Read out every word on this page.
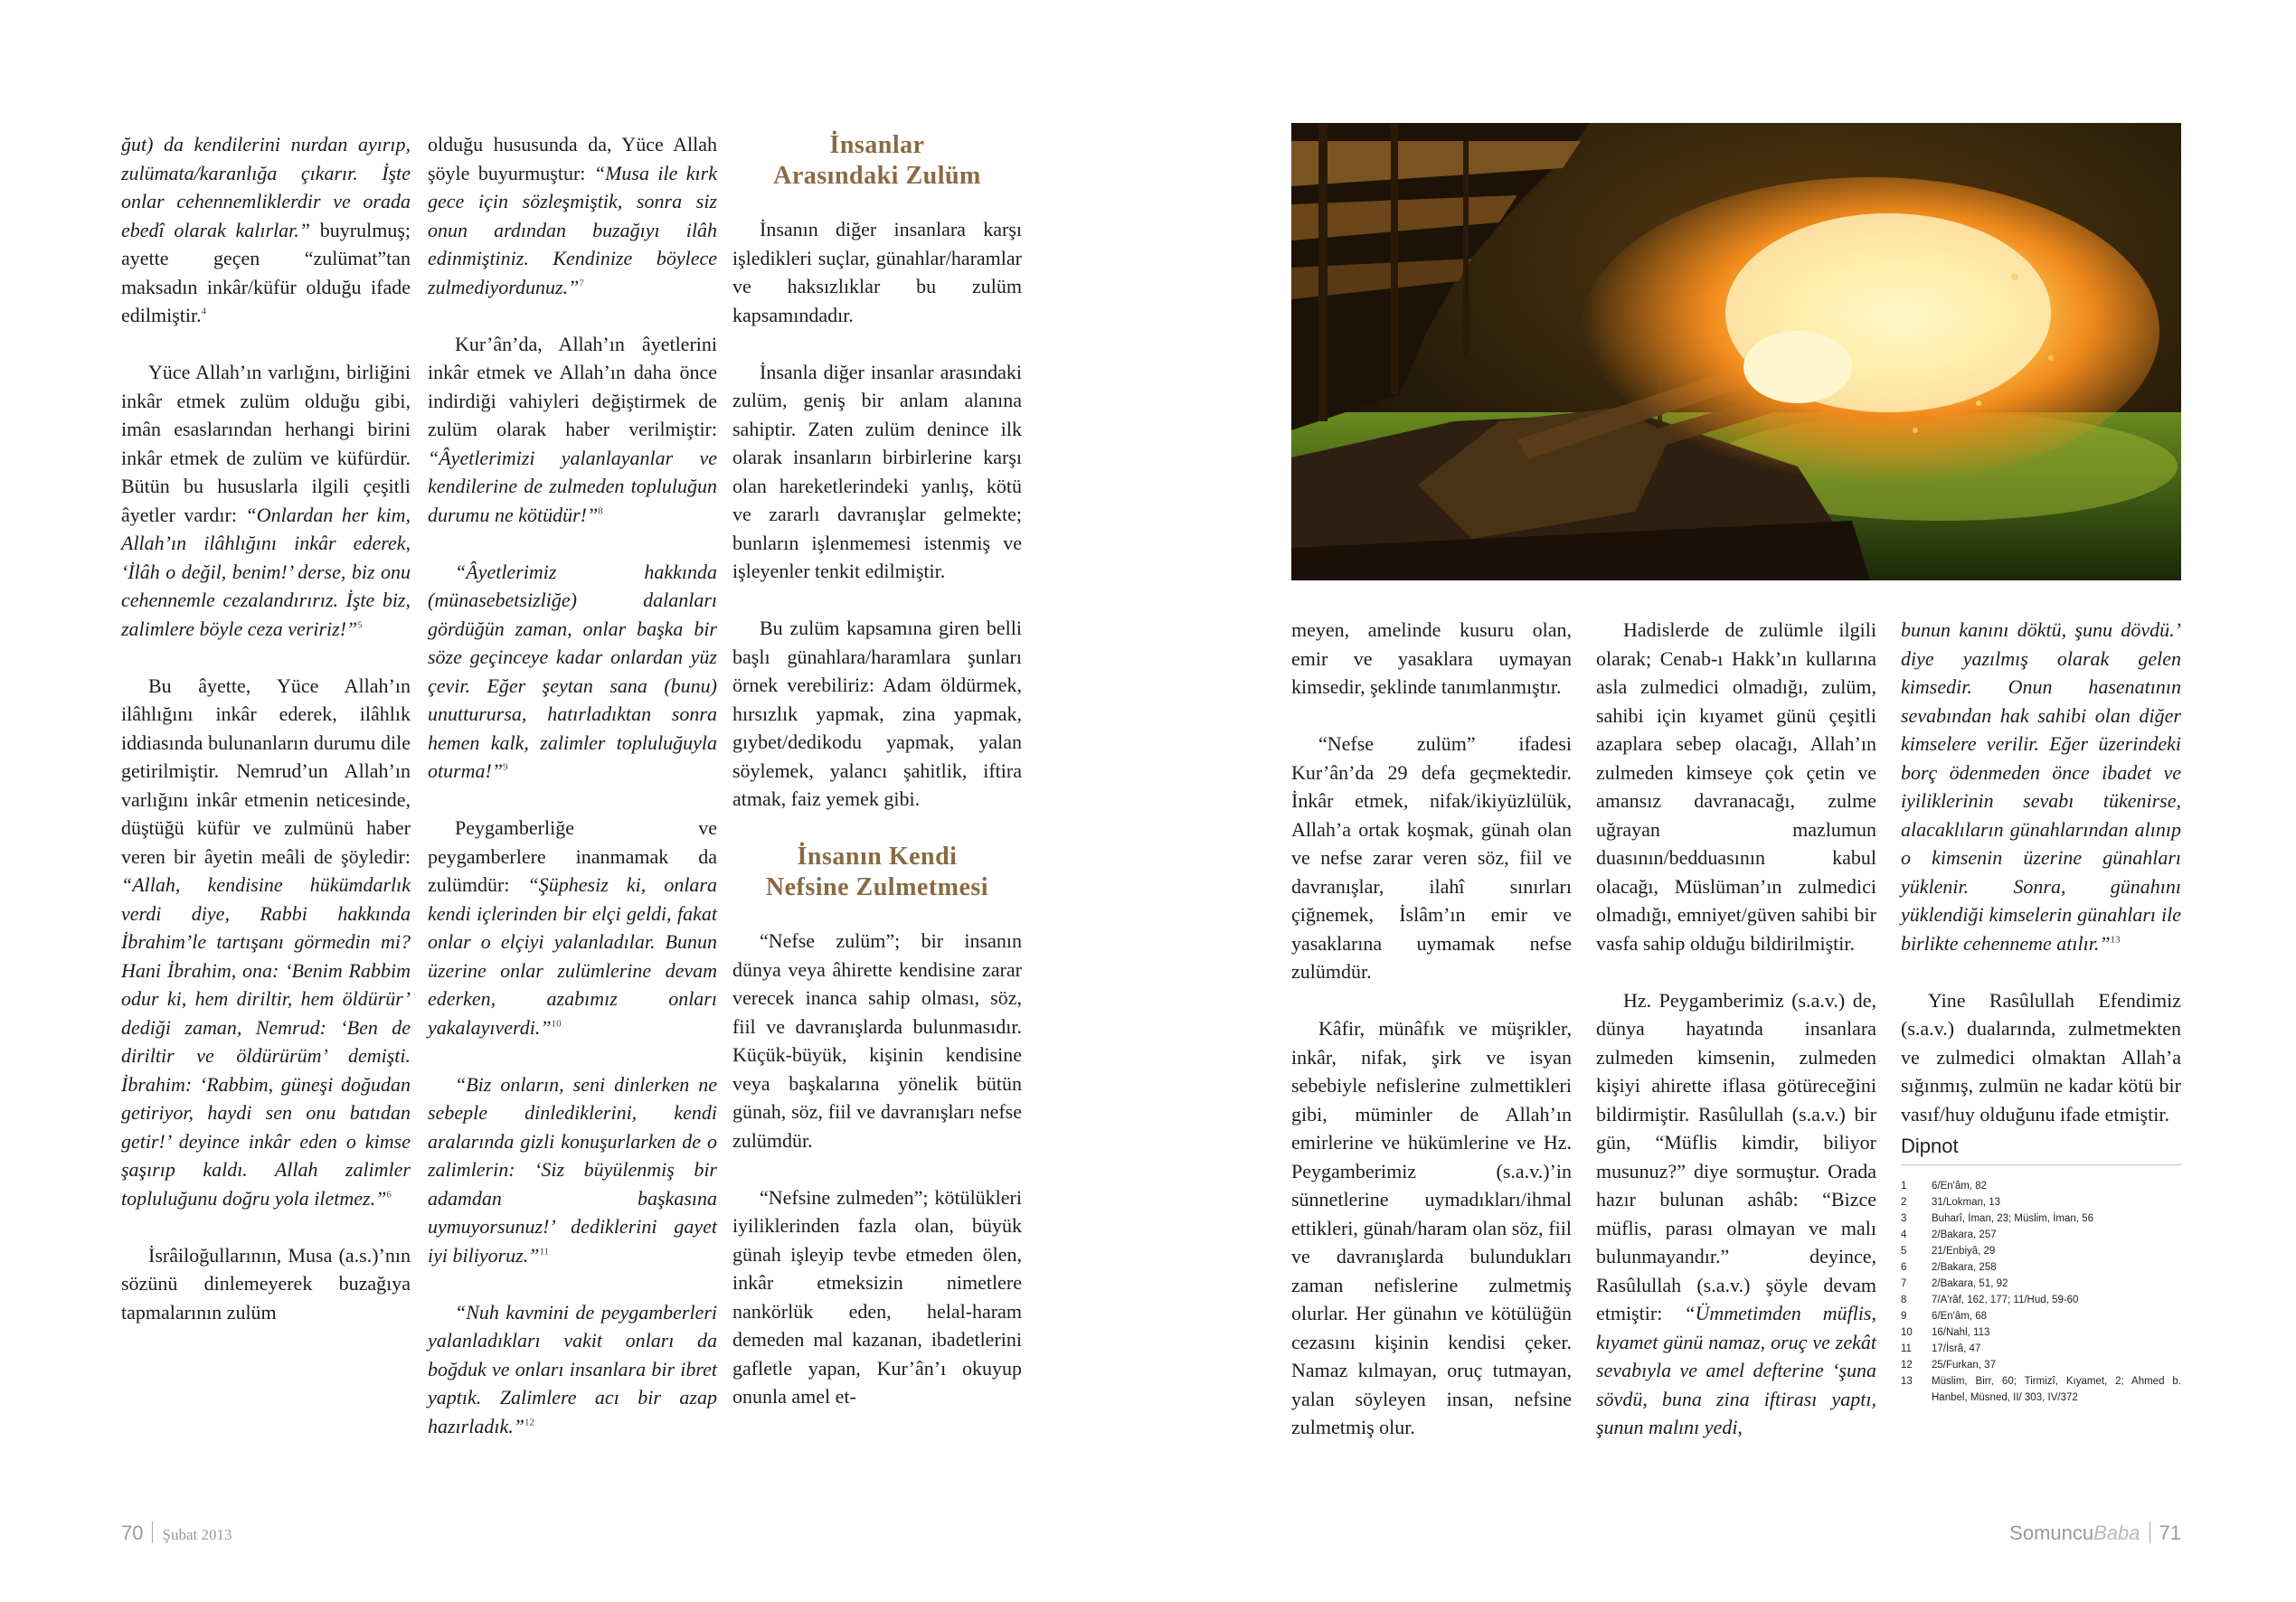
ğut) da kendilerini nurdan ayırıp, zulümata/karanlığa çıkarır. İşte onlar cehennemliklerdir ve orada ebedî olarak kalırlar.” buyrulmuş; ayette geçen “zulümat”tan maksadın inkâr/küfür olduğu ifade edilmiştir.$^4$

Yüce Allah’ın varlığını, birliğini inkâr etmek zulüm olduğu gibi, imân esaslarından herhangi birini inkâr etmek de zulüm ve küfürdür. Bütün bu hususlarla ilgili çeşitli âyetler vardır: “Onlardan her kim, Allah’ın ilâhlığını inkâr ederek, ‘İlâh o değil, benim!’ derse, biz onu cehennemle cezalandırırız. İşte biz, zalimlere böyle ceza veririz!”$^5$

Bu âyette, Yüce Allah’ın ilâhlığını inkâr ederek, ilâhlık iddiasında bulunanların durumu dile getirilmiştir. Nemrud’un Allah’ın varlığını inkâr etmenin neticesinde, düştüğü küfür ve zulmünü haber veren bir âyetin meâli de şöyledir: “Allah, kendisine hükümdarlık verdi diye, Rabbi hakkında İbrahim’le tartışanı görmedin mi? Hani İbrahim, ona: ‘Benim Rabbim odur ki, hem diriltir, hem öldürür’ dediği zaman, Nemrud: ‘Ben de diriltir ve öldürürüm’ demişti. İbrahim: ‘Rabbim, güneşi doğudan getiriyor, haydi sen onu batıdan getir!’ deyince inkâr eden o kimse şaşırıp kaldı. Allah zalimler topluluğunu doğru yola iletmez.”$^6$

İsrâiloğullarının, Musa (a.s.)’nın sözünü dinlemeyerek buzağıya tapmalarının zulüm

olduğu hususunda da, Yüce Allah şöyle buyurmuştur: “Musa ile kırk gece için sözleşmiştik, sonra siz onun ardından buzağıyı ilâh edinmiştiniz. Kendinize böylece zulmediyordunuz.”$^7$

Kur’ân’da, Allah’ın âyetlerini inkâr etmek ve Allah’ın daha önce indirdiği vahiyleri değiştirmek de zulüm olarak haber verilmiştir: “Âyetlerimizi yalanlayanlar ve kendilerine de zulmeden topluluğun durumu ne kötüdür!”$^8$

“Âyetlerimiz hakkında (münasebetsizliğe) dalanları gördüğün zaman, onlar başka bir söze geçinceye kadar onlardan yüz çevir. Eğer şeytan sana (bunu) unutturursa, hatırladıktan sonra hemen kalk, zalimler topluluğuyla oturma!”$^9$

Peygamberliğe ve peygamberlere inanmamak da zulümdür: “Şüphesiz ki, onlara kendi içlerinden bir elçi geldi, fakat onlar o elçiyi yalanladılar. Bunun üzerine onlar zulümlerine devam ederken, azabımız onları yakalayıverdi.”$^{10}$

“Biz onların, seni dinlerken ne sebeple dinlediklerini, kendi aralarında gizli konuşurlarken de o zalimlerin: ‘Siz büyülenmiş bir adamdan başkasına uymuyorsunuz!’ dediklerini gayet iyi biliyoruz.”$^{11}$

“Nuh kavmini de peygamberleri yalanladıkları vakit onları da boğduk ve onları insanlara bir ibret yaptık. Zalimlere acı bir azap hazırladık.”$^{12}$

İnsanlar
Arasındaki Zulüm

İnsanın diğer insanlara karşı işledikleri suçlar, günahlar/haramlar ve haksızlıklar bu zulüm kapsamındadır.

İnsanla diğer insanlar arasındaki zulüm, geniş bir anlam alanına sahiptir. Zaten zulüm denince ilk olarak insanların birbirlerine karşı olan hareketlerindeki yanlış, kötü ve zararlı davranışlar gelmekte; bunların işlenmemesi istenmiş ve işleyenler tenkit edilmiştir.

Bu zulüm kapsamına giren belli başlı günahlara/haramlara şunları örnek verebiliriz: Adam öldürmek, hırsızlık yapmak, zina yapmak, gıybet/dedikodu yapmak, yalan söylemek, yalancı şahitlik, iftira atmak, faiz yemek gibi.

İnsanın Kendi
Nefsine Zulmetmesi

“Nefse zulüm”; bir insanın dünya veya âhirette kendisine zarar verecek inanca sahip olması, söz, fiil ve davranışlarda bulunmasıdır. Küçük-büyük, kişinin kendisine veya başkalarına yönelik bütün günah, söz, fiil ve davranışları nefse zulümdür.

“Nefsine zulmeden”; kötülükleri iyiliklerinden fazla olan, büyük günah işleyip tevbe etmeden ölen, inkâr etmeksizin nimetlere nankörlük eden, helal-haram demeden mal kazanan, ibadetlerini gafletle yapan, Kur’ân’ı okuyup onunla amel et-

meyen, amelinde kusuru olan, emir ve yasaklara uymayan kimsedir, şeklinde tanımlanmıştır.

“Nefse zulüm” ifadesi Kur’ân’da 29 defa geçmektedir. İnkâr etmek, nifak/ikiyüzlülük, Allah’a ortak koşmak, günah olan ve nefse zarar veren söz, fiil ve davranışlar, ilahî sınırları çiğnemek, İslâm’ın emir ve yasaklarına uymamak nefse zulümdür.

Kâfir, münâfık ve müşrikler, inkâr, nifak, şirk ve isyan sebebiyle nefislerine zulmettikleri gibi, müminler de Allah’ın emirlerine ve hükümlerine ve Hz. Peygamberimiz (s.a.v.)’in sünnetlerine uymadıkları/ihmal ettikleri, günah/haram olan söz, fiil ve davranışlarda bulundukları zaman nefislerine zulmetmiş olurlar. Her günahın ve kötülüğün cezasını kişinin kendisi çeker. Namaz kılmayan, oruç tutmayan, yalan söyleyen insan, nefsine zulmetmiş olur.

Hadislerde de zulümle ilgili olarak; Cenab-ı Hakk’ın kullarına asla zulmedici olmadığı, zulüm, sahibi için kıyamet günü çeşitli azaplara sebep olacağı, Allah’ın zulmeden kimseye çok çetin ve amansız davranacağı, zulme uğrayan mazlumun duasının/bedduasının kabul olacağı, Müslüman’ın zulmedici olmadığı, emniyet/güven sahibi bir vasfa sahip olduğu bildirilmiştir.

Hz. Peygamberimiz (s.a.v.) de, dünya hayatında insanlara zulmeden kimsenin, zulmeden kişiyi ahirette iflasa götüreceğini bildirmiştir. Rasûlullah (s.a.v.) bir gün, “Müflis kimdir, biliyor musunuz?” diye sormuştur. Orada hazır bulunan ashâb: “Bizce müflis, parası olmayan ve malı bulunmayandır.” deyince, Rasûlullah (s.a.v.) şöyle devam etmiştir: “Ümmetimden müflis, kıyamet günü namaz, oruç ve zekât sevabıyla ve amel defterine ‘şuna sövdü, buna zina iftirası yaptı, şunun malını yedi,

bunun kanını döktü, şunu dövdü.’ diye yazılmış olarak gelen kimsedir. Onun hasenatının sevabından hak sahibi olan diğer kimselere verilir. Eğer üzerindeki borç ödenmeden önce ibadet ve iyiliklerinin sevabı tükenirse, alacaklıların günahlarından alınıp o kimsenin üzerine günahları yüklenir. Sonra, günahını yüklendiği kimselerin günahları ile birlikte cehenneme atılır.”$^{13}$

Yine Rasûlullah Efendimiz (s.a.v.) dualarında, zulmetmekten ve zulmedici olmaktan Allah’a sığınmış, zulmün ne kadar kötü bir vasıf/huy olduğunu ifade etmiştir.

Dipnot
1	6/En'âm, 82
2	31/Lokman, 13
3	Buharî, İman, 23; Müslim, İman, 56
4	2/Bakara, 257
5	21/Enbiyâ, 29
6	2/Bakara, 258
7	2/Bakara, 51, 92
8	7/A'râf, 162, 177; 11/Hud, 59-60
9	6/En'âm, 68
10	16/Nahl, 113
11	17/İsrâ, 47
12	25/Furkan, 37
13	Müslim, Birr, 60; Tirmizî, Kıyamet, 2; Ahmed b. Hanbel, Müsned, II/ 303, IV/372
70 Şubat 2013	SomuncuBaba 71
